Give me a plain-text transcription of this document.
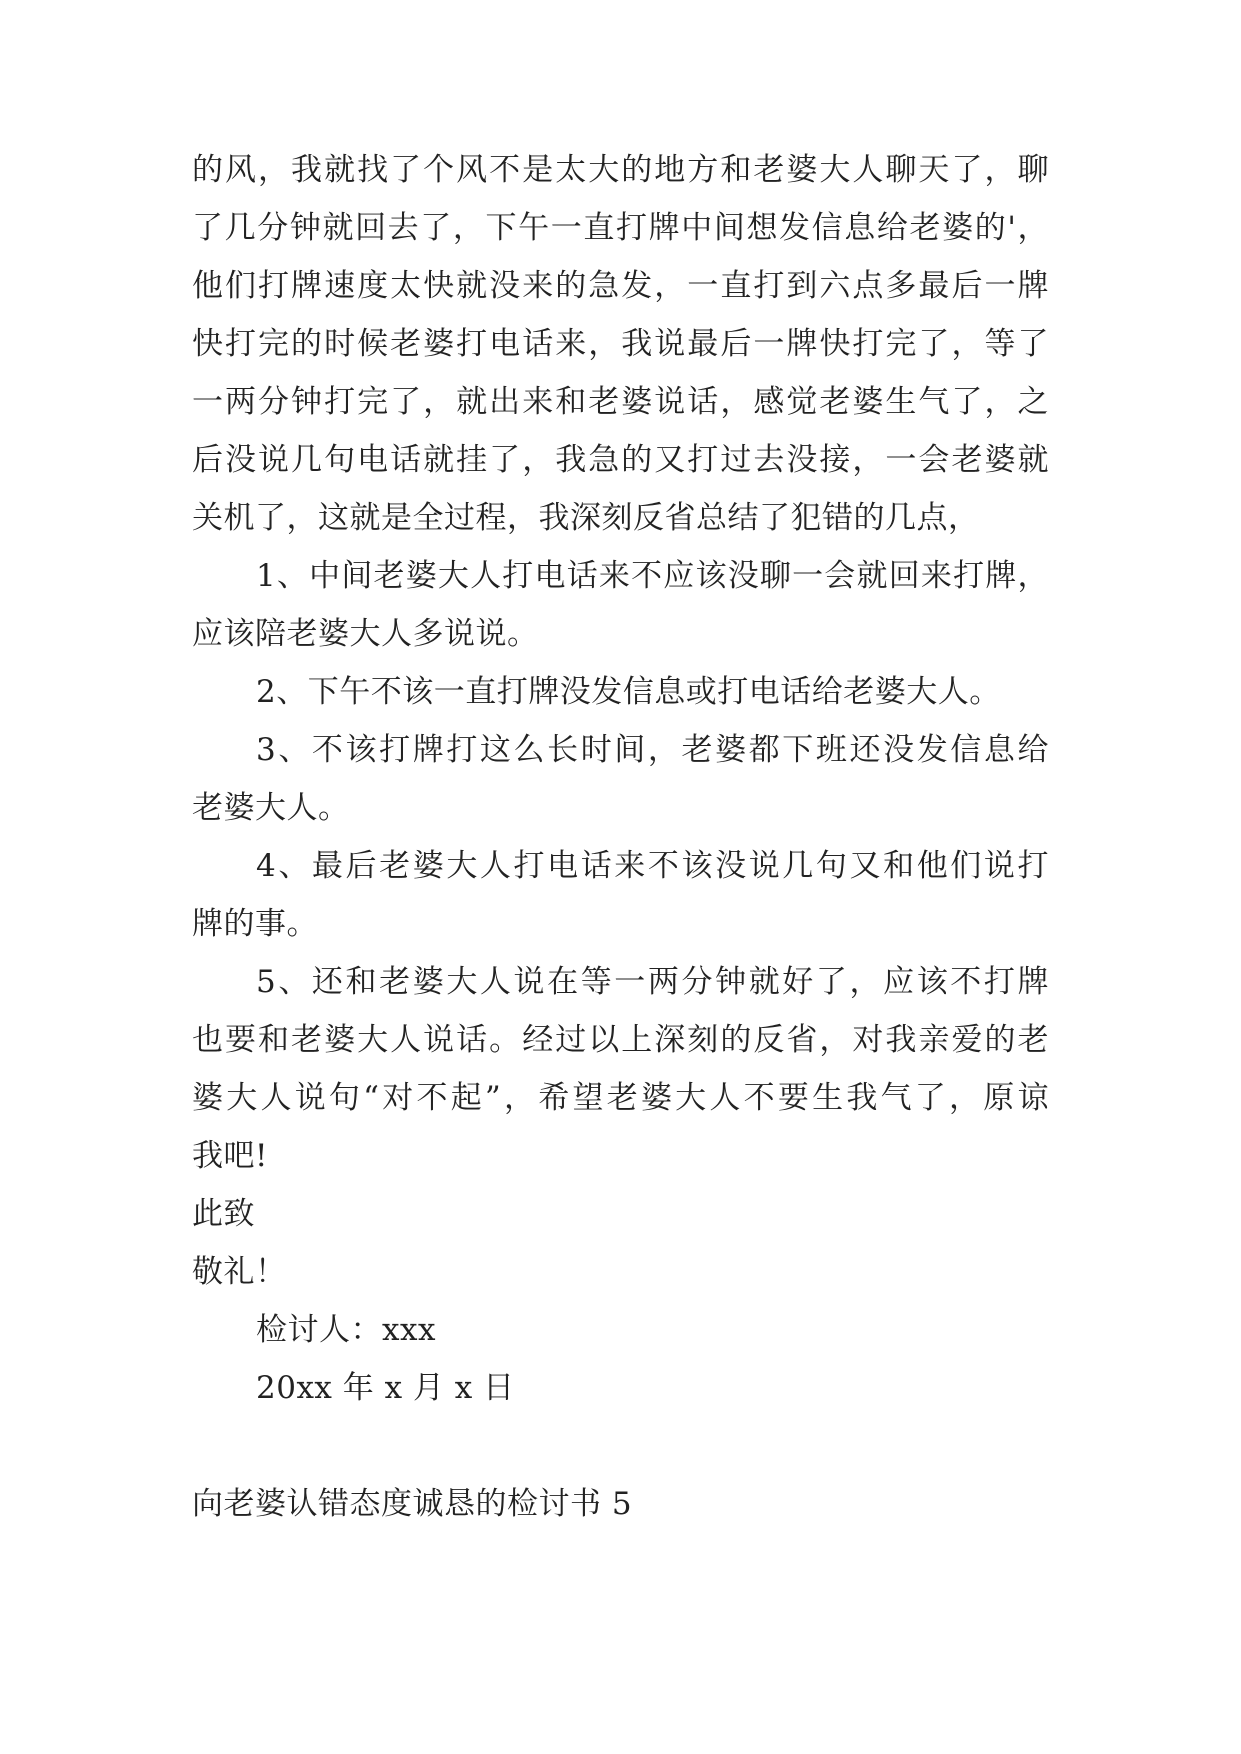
的风，我就找了个风不是太大的地方和老婆大人聊天了，聊
了几分钟就回去了，下午一直打牌中间想发信息给老婆的'，
他们打牌速度太快就没来的急发，一直打到六点多最后一牌
快打完的时候老婆打电话来，我说最后一牌快打完了，等了
一两分钟打完了，就出来和老婆说话，感觉老婆生气了，之
后没说几句电话就挂了，我急的又打过去没接，一会老婆就
关机了，这就是全过程，我深刻反省总结了犯错的几点，
1、中间老婆大人打电话来不应该没聊一会就回来打牌，
应该陪老婆大人多说说。
2、下午不该一直打牌没发信息或打电话给老婆大人。
3、不该打牌打这么长时间，老婆都下班还没发信息给
老婆大人。
4、最后老婆大人打电话来不该没说几句又和他们说打
牌的事。
5、还和老婆大人说在等一两分钟就好了，应该不打牌
也要和老婆大人说话。经过以上深刻的反省，对我亲爱的老
婆大人说句“对不起”，希望老婆大人不要生我气了，原谅
我吧!
此致
敬礼！
检讨人：xxx
20xx 年 x 月 x 日
向老婆认错态度诚恳的检讨书 5
